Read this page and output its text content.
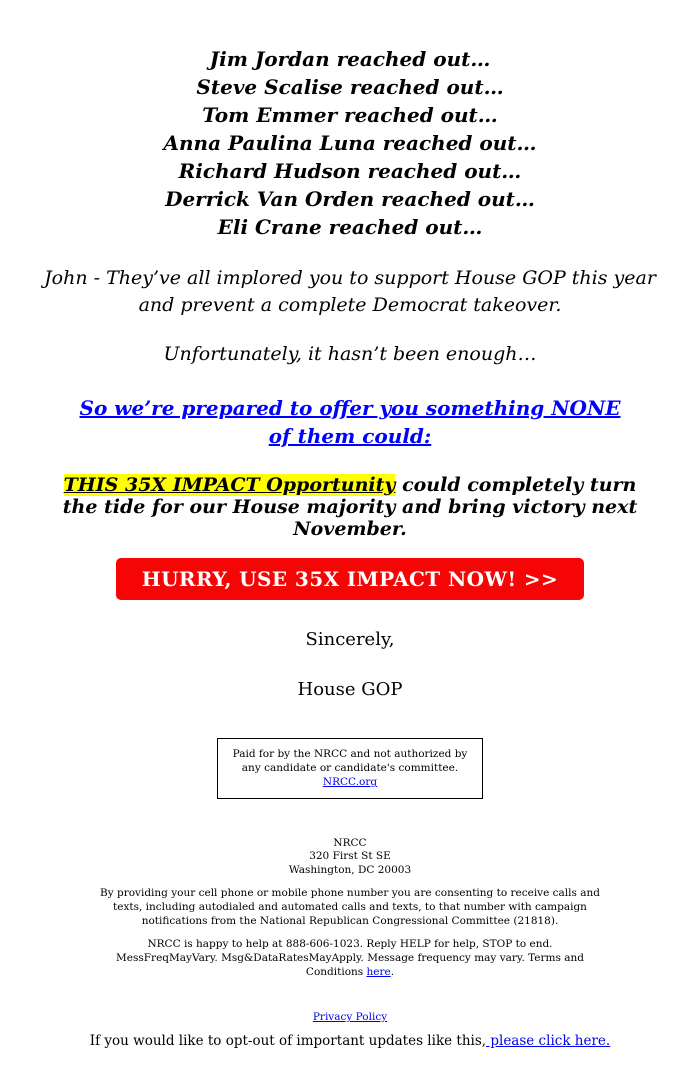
Jim Jordan reached out…
Steve Scalise reached out…
Tom Emmer reached out…
Anna Paulina Luna reached out…
Richard Hudson reached out…
Derrick Van Orden reached out…
Eli Crane reached out…
John - They’ve all implored you to support House GOP this year and prevent a complete Democrat takeover.
Unfortunately, it hasn’t been enough…
So we’re prepared to offer you something NONE of them could:
THIS 35X IMPACT Opportunity could completely turn the tide for our House majority and bring victory next November.
HURRY, USE 35X IMPACT NOW! >>
Sincerely,
House GOP
Paid for by the NRCC and not authorized by any candidate or candidate's committee. NRCC.org
NRCC
320 First St SE
Washington, DC 20003
By providing your cell phone or mobile phone number you are consenting to receive calls and texts, including autodialed and automated calls and texts, to that number with campaign notifications from the National Republican Congressional Committee (21818).
NRCC is happy to help at 888-606-1023. Reply HELP for help, STOP to end. MessFreqMayVary. Msg&DataRatesMayApply. Message frequency may vary. Terms and Conditions here.
Privacy Policy
If you would like to opt-out of important updates like this, please click here.
